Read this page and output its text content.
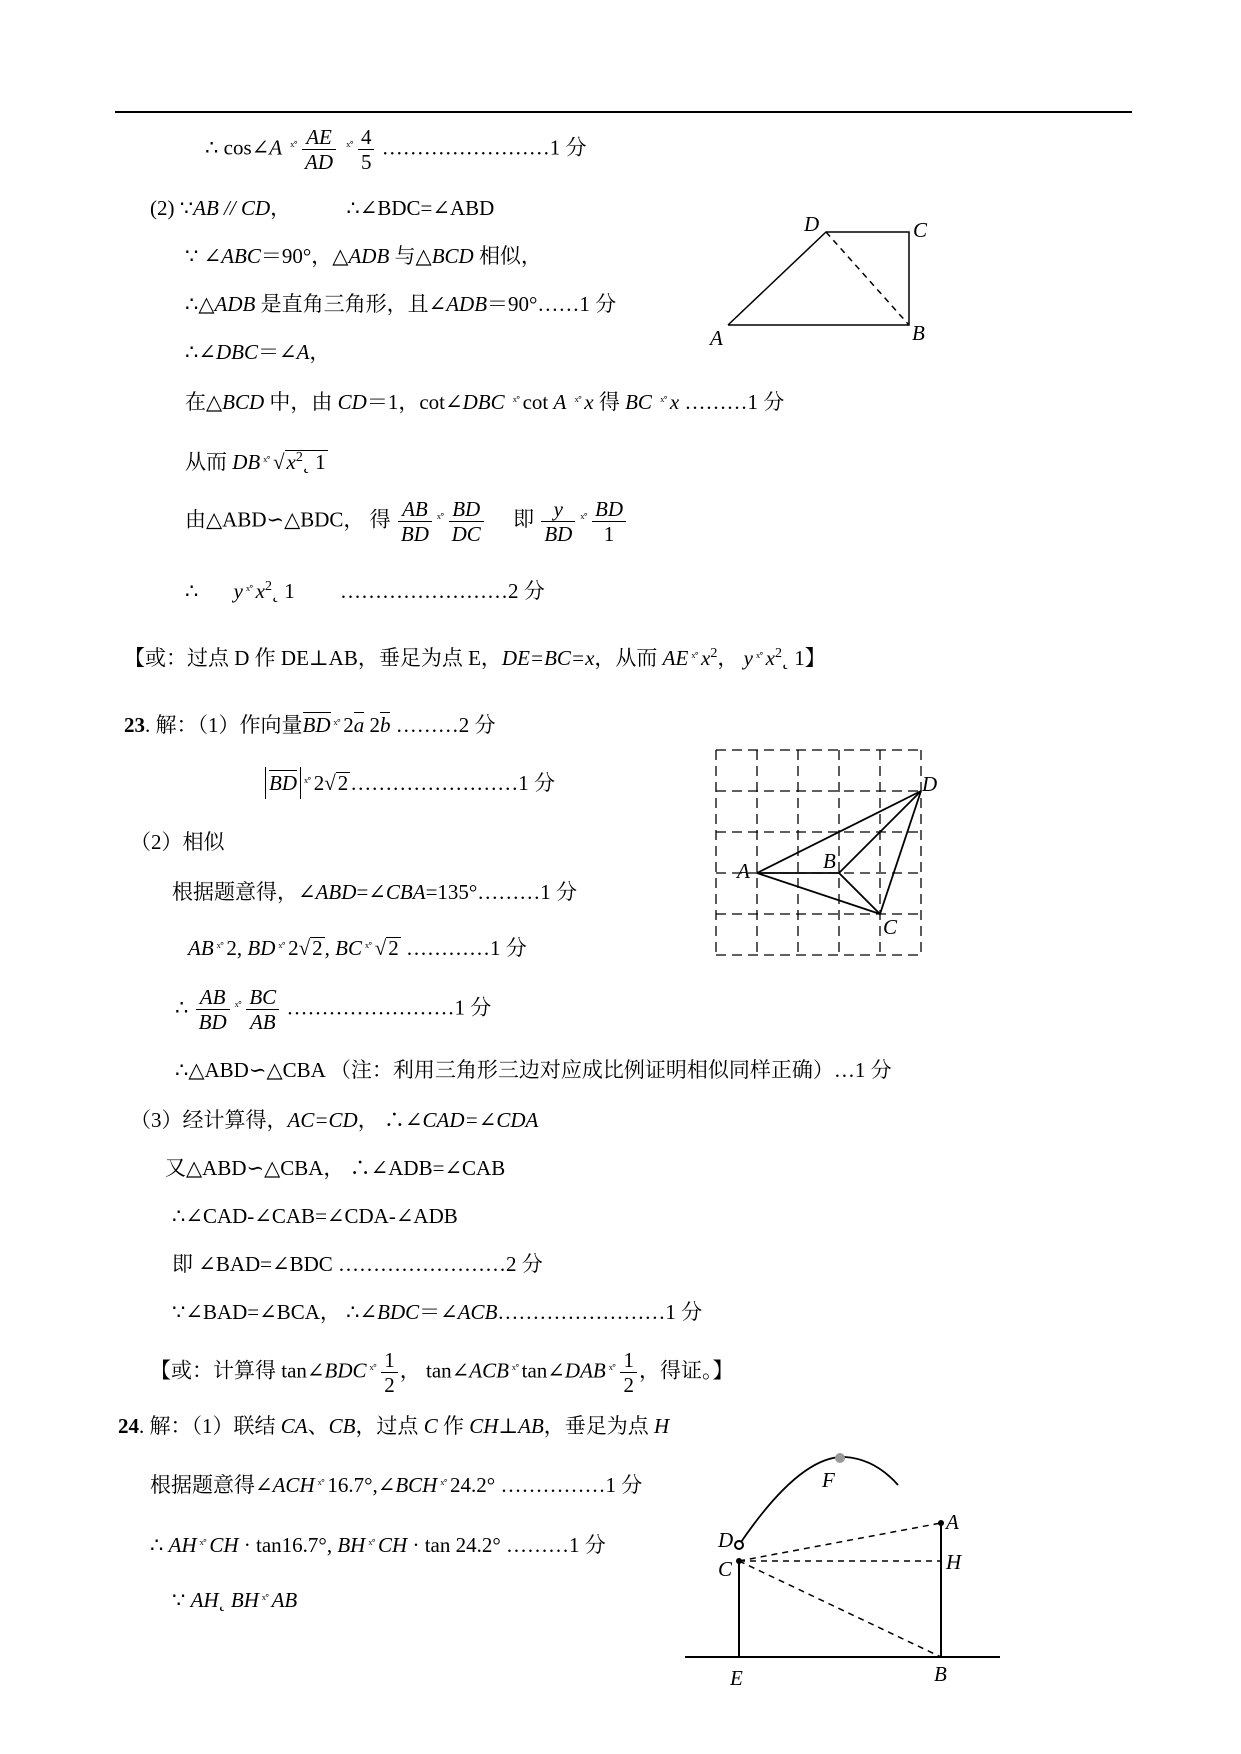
∴ cos∠A ˣ˚ $\frac{AE}{AD}$ ˣ˚ $\frac{4}{5}$ ……………………1 分
(2) ∵AB // CD，	∴∠BDC=∠ABD
∵ ∠ABC＝90°，△ADB 与△BCD 相似，
∴△ADB 是直角三角形，且∠ADB＝90°……1 分
∴∠DBC＝∠A，
在△BCD 中，由 CD＝1，cot∠DBC ˣ˚ cot A ˣ˚ x 得 BC ˣ˚ x ………1 分
从而 DB ˣ˚ $√x^2˛$ 1
由△ABD∽△BDC， 得 $\frac{AB}{BD}$ ˣ˚ $\frac{BD}{DC}$ 即 $\frac{y}{BD}$ ˣ˚ $\frac{BD}{1}$
∴ y ˣ˚ $x^2˛$ 1 ……………………2 分
【或：过点 D 作 DE⊥AB，垂足为点 E，DE=BC=x，从而 AE ˣ˚ $x^2$， y ˣ˚ $x^2˛$ 1】
23. 解：（1）作向量BD ˣ˚ 2a 2b ………2 分
BD ˣ˚ 2√2……………………1 分
（2）相似
根据题意得，∠ABD=∠CBA=135°………1 分
AB ˣ˚ 2, BD ˣ˚ 2√2, BC ˣ˚ √2 …………1 分
∴ $\frac{AB}{BD}$ ˣ˚ $\frac{BC}{AB}$ ……………………1 分
∴△ABD∽△CBA （注：利用三角形三边对应成比例证明相似同样正确）…1 分
（3）经计算得，AC=CD， ∴∠CAD=∠CDA
又△ABD∽△CBA， ∴∠ADB=∠CAB
∴∠CAD-∠CAB=∠CDA-∠ADB
即 ∠BAD=∠BDC ……………………2 分
∵∠BAD=∠BCA， ∴∠BDC＝∠ACB……………………1 分
【或：计算得 tan∠BDC ˣ˚ $\frac{1}{2}$ ， tan∠ACB ˣ˚ tan∠DAB ˣ˚ $\frac{1}{2}$ ，得证。】
24. 解：（1）联结 CA、CB，过点 C 作 CH⊥AB，垂足为点 H
根据题意得∠ACH ˣ˚ 16.7°,∠BCH ˣ˚ 24.2° ……………1 分
∴ AH ˣ˚ CH · tan16.7°, BH ˣ˚ CH · tan 24.2° ………1 分
∵ AH˛ BH ˣ˚ AB
D	C
A	B
A	B
C
D
F
A
H
D
C
E	B
